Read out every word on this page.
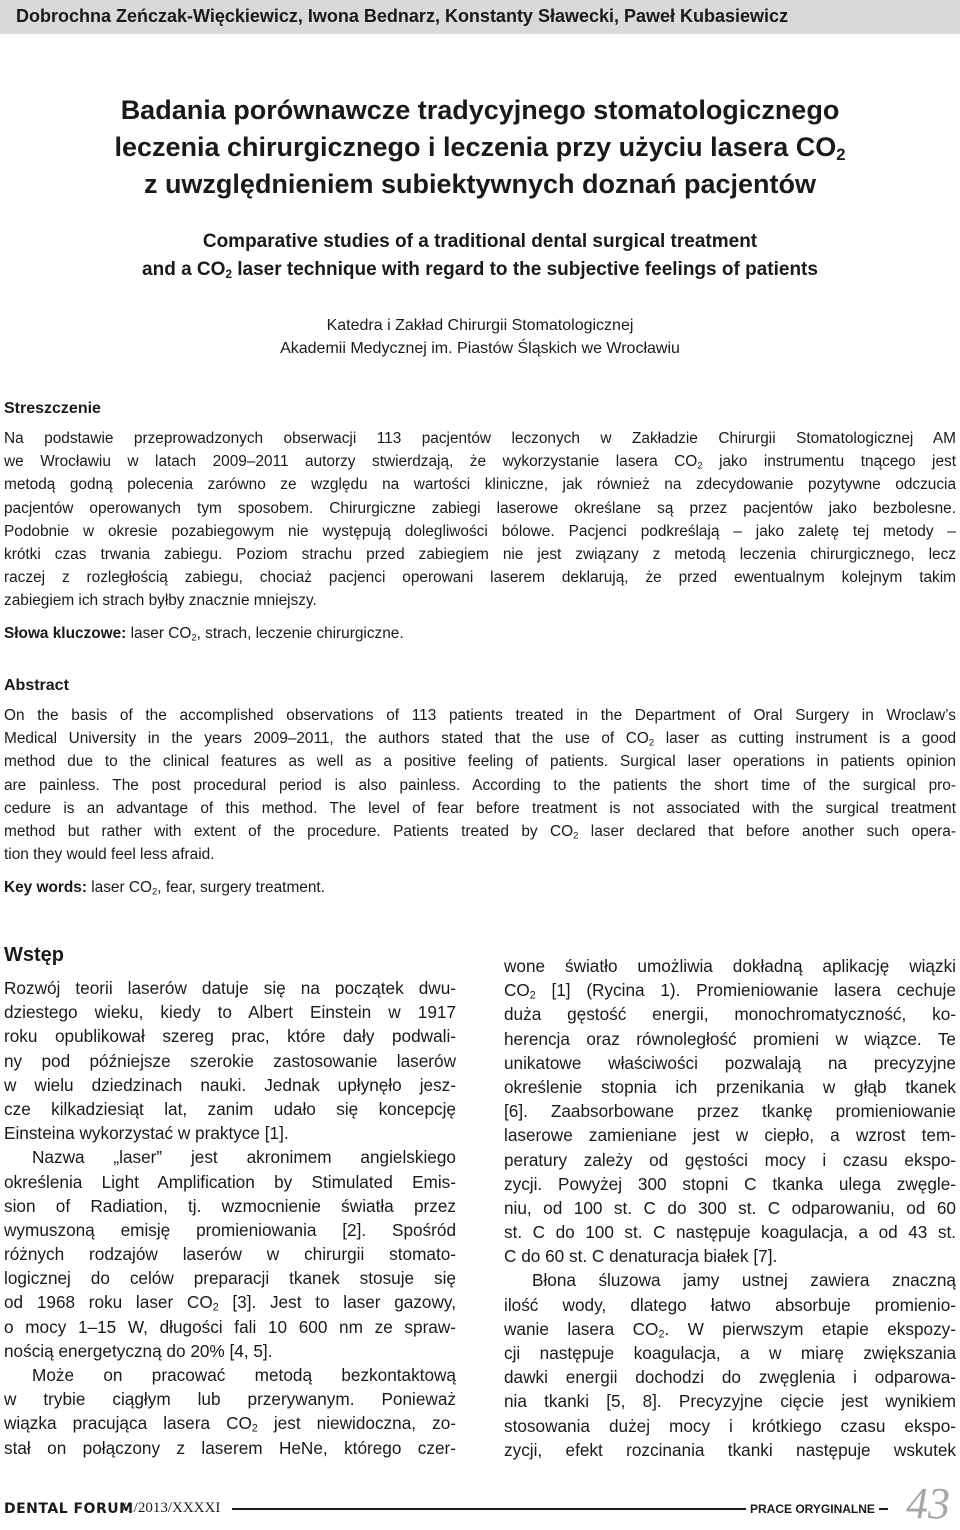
Dobrochna Zeńczak-Więckiewicz, Iwona Bednarz, Konstanty Sławecki, Paweł Kubasiewicz
Badania porównawcze tradycyjnego stomatologicznego
leczenia chirurgicznego i leczenia przy użyciu lasera $CO_2$
z uwzględnieniem subiektywnych doznań pacjentów
Comparative studies of a traditional dental surgical treatment
and a $CO_2$ laser technique with regard to the subjective feelings of patients
Katedra i Zakład Chirurgii Stomatologicznej
Akademii Medycznej im. Piastów Śląskich we Wrocławiu
Streszczenie
Na podstawie przeprowadzonych obserwacji 113 pacjentów leczonych w Zakładzie Chirurgii Stomatologicznej AM
we Wrocławiu w latach 2009–2011 autorzy stwierdzają, że wykorzystanie lasera $CO_2$ jako instrumentu tnącego jest
metodą godną polecenia zarówno ze względu na wartości kliniczne, jak również na zdecydowanie pozytywne odczucia
pacjentów operowanych tym sposobem. Chirurgiczne zabiegi laserowe określane są przez pacjentów jako bezbolesne.
Podobnie w okresie pozabiegowym nie występują dolegliwości bólowe. Pacjenci podkreślają – jako zaletę tej metody –
krótki czas trwania zabiegu. Poziom strachu przed zabiegiem nie jest związany z metodą leczenia chirurgicznego, lecz
raczej z rozległością zabiegu, chociaż pacjenci operowani laserem deklarują, że przed ewentualnym kolejnym takim
zabiegiem ich strach byłby znacznie mniejszy.
Słowa kluczowe: laser $CO_2$, strach, leczenie chirurgiczne.
Abstract
On the basis of the accomplished observations of 113 patients treated in the Department of Oral Surgery in Wroclaw’s
Medical University in the years 2009–2011, the authors stated that the use of $CO_2$ laser as cutting instrument is a good
method due to the clinical features as well as a positive feeling of patients. Surgical laser operations in patients opinion
are painless. The post procedural period is also painless. According to the patients the short time of the surgical pro-
cedure is an advantage of this method. The level of fear before treatment is not associated with the surgical treatment
method but rather with extent of the procedure. Patients treated by $CO_2$ laser declared that before another such opera-
tion they would feel less afraid.
Key words: laser $CO_2$, fear, surgery treatment.
Wstęp
Rozwój teorii laserów datuje się na początek dwu-
dziestego wieku, kiedy to Albert Einstein w 1917
roku opublikował szereg prac, które dały podwali-
ny pod późniejsze szerokie zastosowanie laserów
w wielu dziedzinach nauki. Jednak upłynęło jesz-
cze kilkadziesiąt lat, zanim udało się koncepcję
Einsteina wykorzystać w praktyce [1].
Nazwa „laser” jest akronimem angielskiego
określenia Light Amplification by Stimulated Emis-
sion of Radiation, tj. wzmocnienie światła przez
wymuszoną emisję promieniowania [2]. Spośród
różnych rodzajów laserów w chirurgii stomato-
logicznej do celów preparacji tkanek stosuje się
od 1968 roku laser $CO_2$ [3]. Jest to laser gazowy,
o mocy 1–15 W, długości fali 10 600 nm ze spraw-
nością energetyczną do 20% [4, 5].
Może on pracować metodą bezkontaktową
w trybie ciągłym lub przerywanym. Ponieważ
wiązka pracująca lasera $CO_2$ jest niewidoczna, zo-
stał on połączony z laserem HeNe, którego czer-
wone światło umożliwia dokładną aplikację wiązki
$CO_2$ [1] (Rycina 1). Promieniowanie lasera cechuje
duża gęstość energii, monochromatyczność, ko-
herencja oraz równoległość promieni w wiązce. Te
unikatowe właściwości pozwalają na precyzyjne
określenie stopnia ich przenikania w głąb tkanek
[6]. Zaabsorbowane przez tkankę promieniowanie
laserowe zamieniane jest w ciepło, a wzrost tem-
peratury zależy od gęstości mocy i czasu ekspo-
zycji. Powyżej 300 stopni C tkanka ulega zwęgle-
niu, od 100 st. C do 300 st. C odparowaniu, od 60
st. C do 100 st. C następuje koagulacja, a od 43 st.
C do 60 st. C denaturacja białek [7].
Błona śluzowa jamy ustnej zawiera znaczną
ilość wody, dlatego łatwo absorbuje promienio-
wanie lasera $CO_2$. W pierwszym etapie ekspozy-
cji następuje koagulacja, a w miarę zwiększania
dawki energii dochodzi do zwęglenia i odparowa-
nia tkanki [5, 8]. Precyzyjne cięcie jest wynikiem
stosowania dużej mocy i krótkiego czasu ekspo-
zycji, efekt rozcinania tkanki następuje wskutek
DENTAL FORUM
/1/2013/XXXXI	PRACE ORYGINALNE 43
